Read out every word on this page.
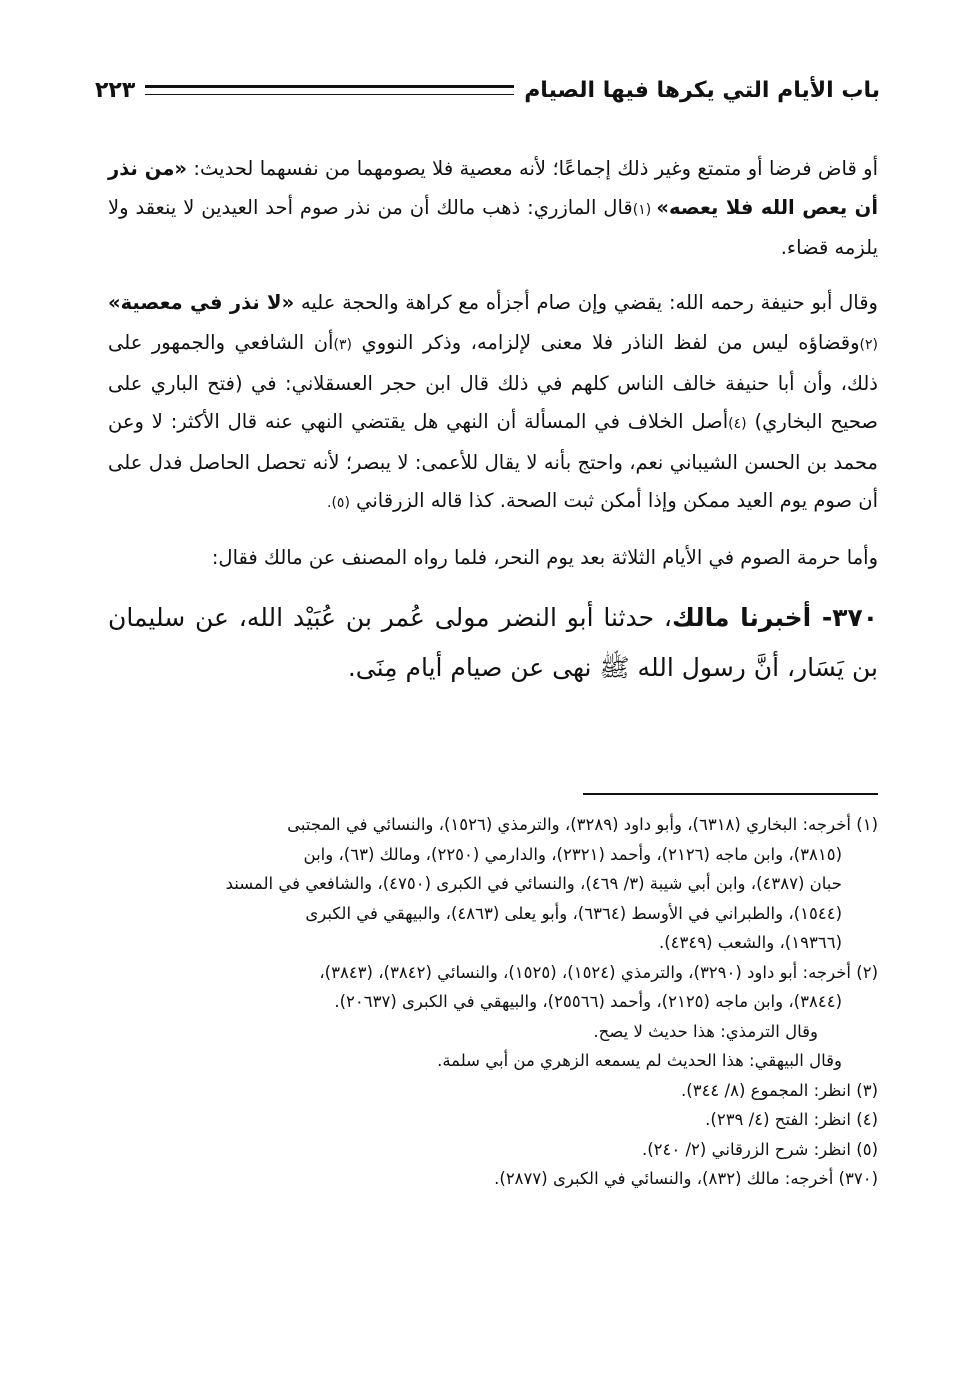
باب الأيام التي يكرها فيها الصيام
٢٢٣

أو قاض فرضا أو متمتع وغير ذلك إجماعًا؛ لأنه معصية فلا يصومهما من نفسهما لحديث: «من نذر أن يعص الله فلا يعصه» (١)قال المازري: ذهب مالك أن من نذر صوم أحد العيدين لا ينعقد ولا يلزمه قضاء.

وقال أبو حنيفة رحمه الله: يقضي وإن صام أجزأه مع كراهة والحجة عليه «لا نذر في معصية» (٢)وقضاؤه ليس من لفظ الناذر فلا معنى لإلزامه، وذكر النووي (٣)أن الشافعي والجمهور على ذلك، وأن أبا حنيفة خالف الناس كلهم في ذلك قال ابن حجر العسقلاني: في (فتح الباري على صحيح البخاري) (٤)أصل الخلاف في المسألة أن النهي هل يقتضي النهي عنه قال الأكثر: لا وعن محمد بن الحسن الشيباني نعم، واحتج بأنه لا يقال للأعمى: لا يبصر؛ لأنه تحصل الحاصل فدل على أن صوم يوم العيد ممكن وإذا أمكن ثبت الصحة. كذا قاله الزرقاني (٥).

وأما حرمة الصوم في الأيام الثلاثة بعد يوم النحر، فلما رواه المصنف عن مالك فقال:

٣٧٠- أخبرنا مالك، حدثنا أبو النضر مولى عُمر بن عُبَيْد الله، عن سليمان بن يَسَار، أنَّ رسول الله ﷺ نهى عن صيام أيام مِنَى.

(١) أخرجه: البخاري (٦٣١٨)، وأبو داود (٣٢٨٩)، والترمذي (١٥٢٦)، والنسائي في المجتبى
(٣٨١٥)، وابن ماجه (٢١٢٦)، وأحمد (٢٣٢١)، والدارمي (٢٢٥٠)، ومالك (٦٣)، وابن
حبان (٤٣٨٧)، وابن أبي شيبة (٣/ ٤٦٩)، والنسائي في الكبرى (٤٧٥٠)، والشافعي في المسند
(١٥٤٤)، والطبراني في الأوسط (٦٣٦٤)، وأبو يعلى (٤٨٦٣)، والبيهقي في الكبرى
(١٩٣٦٦)، والشعب (٤٣٤٩).

(٢) أخرجه: أبو داود (٣٢٩٠)، والترمذي (١٥٢٤)، (١٥٢٥)، والنسائي (٣٨٤٢)، (٣٨٤٣)،
(٣٨٤٤)، وابن ماجه (٢١٢٥)، وأحمد (٢٥٥٦٦)، والبيهقي في الكبرى (٢٠٦٣٧).
وقال الترمذي: هذا حديث لا يصح.
وقال البيهقي: هذا الحديث لم يسمعه الزهري من أبي سلمة.

(٣) انظر: المجموع (٨/ ٣٤٤).

(٤) انظر: الفتح (٤/ ٢٣٩).

(٥) انظر: شرح الزرقاني (٢/ ٢٤٠).

(٣٧٠) أخرجه: مالك (٨٣٢)، والنسائي في الكبرى (٢٨٧٧).
